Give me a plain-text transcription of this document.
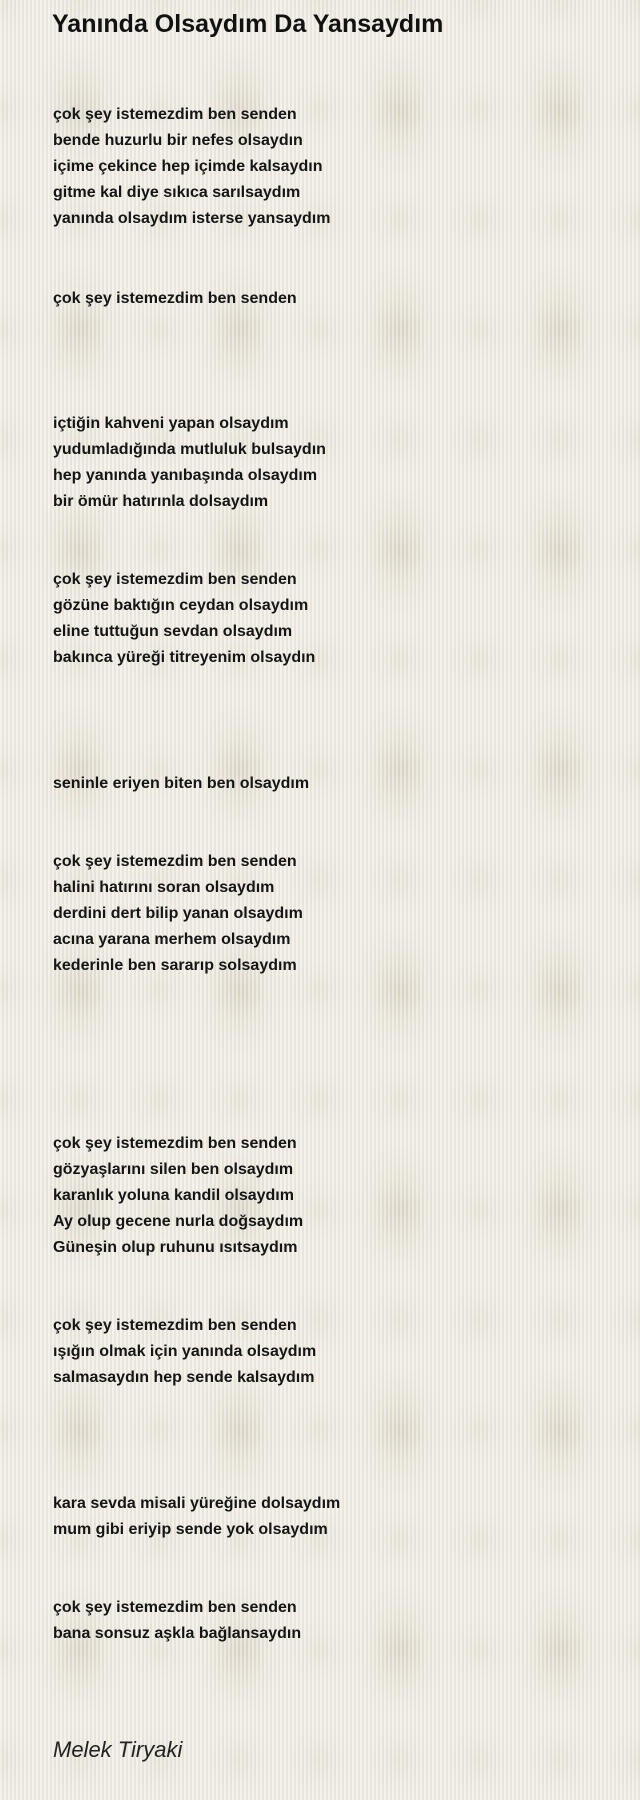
Yanında Olsaydım Da Yansaydım
çok şey istemezdim ben senden
bende huzurlu bir nefes olsaydın
içime çekince hep içimde kalsaydın
gitme kal diye sıkıca sarılsaydım
yanında olsaydım isterse yansaydım
çok şey istemezdim ben senden
içtiğin kahveni yapan olsaydım
yudumladığında mutluluk bulsaydın
hep yanında yanıbaşında olsaydım
bir ömür hatırınla dolsaydım
çok şey istemezdim ben senden
gözüne baktığın ceydan olsaydım
eline tuttuğun sevdan olsaydım
bakınca yüreği titreyenim olsaydın
seninle eriyen biten ben olsaydım
çok şey istemezdim ben senden
halini hatırını soran olsaydım
derdini dert bilip yanan olsaydım
acına yarana merhem olsaydım
kederinle ben sararıp solsaydım
çok şey istemezdim ben senden
gözyaşlarını silen ben olsaydım
karanlık yoluna kandil olsaydım
Ay olup gecene nurla doğsaydım
Güneşin olup ruhunu ısıtsaydım
çok şey istemezdim ben senden
ışığın olmak için yanında olsaydım
salmasaydın hep sende kalsaydım
kara sevda misali yüreğine dolsaydım
mum gibi eriyip sende yok olsaydım
çok şey istemezdim ben senden
bana sonsuz aşkla bağlansaydın
Melek Tiryaki
